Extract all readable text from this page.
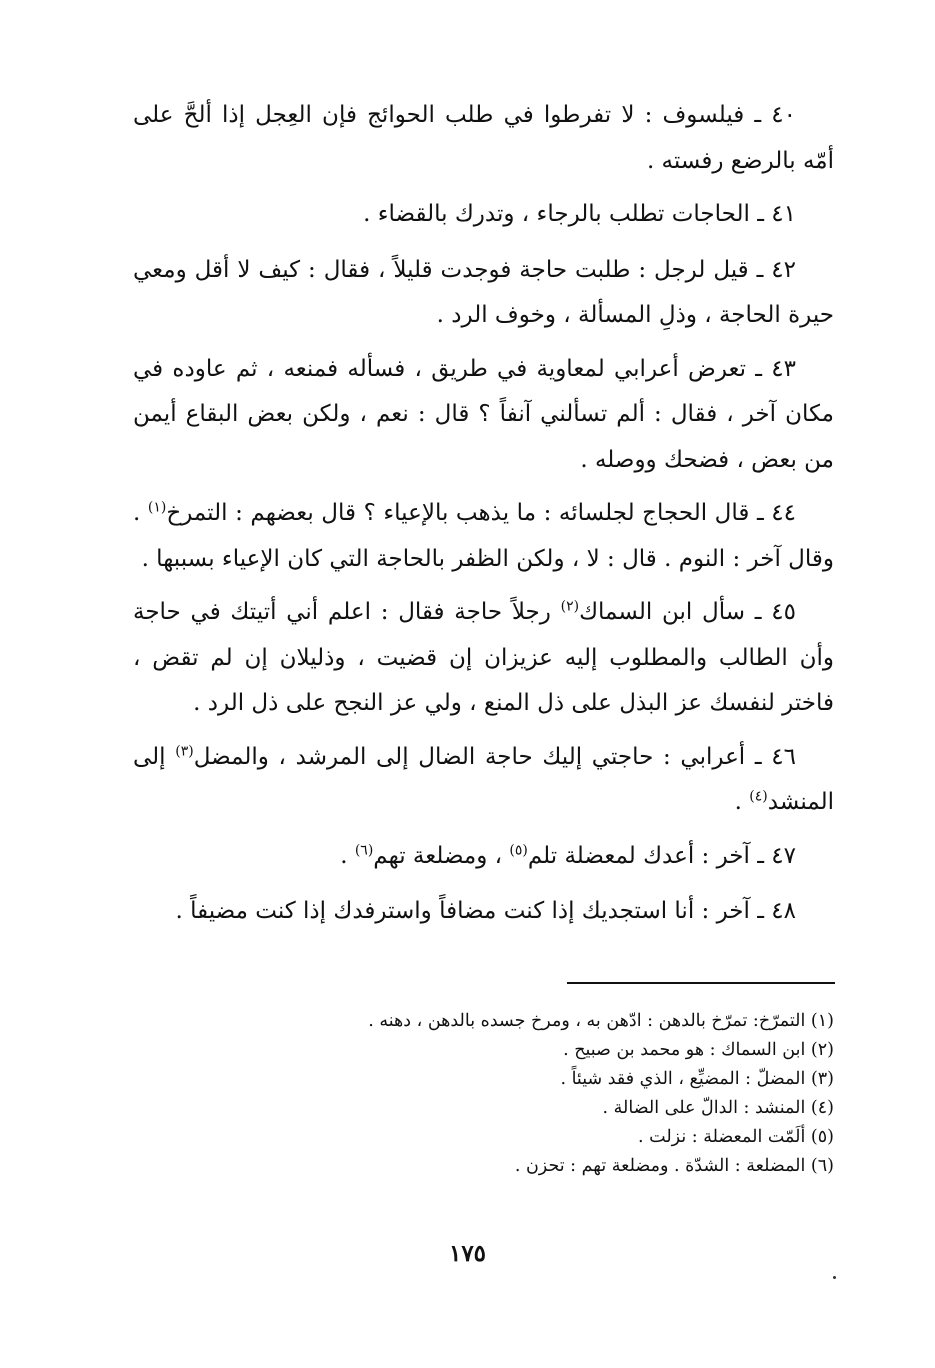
٤٠ ـ فيلسوف : لا تفرطوا في طلب الحوائج فإن العِجل إذا ألحَّ على أمّه بالرضع رفسته .

٤١ ـ الحاجات تطلب بالرجاء ، وتدرك بالقضاء .

٤٢ ـ قيل لرجل : طلبت حاجة فوجدت قليلاً ، فقال : كيف لا أقل ومعي حيرة الحاجة ، وذلِ المسألة ، وخوف الرد .

٤٣ ـ تعرض أعرابي لمعاوية في طريق ، فسأله فمنعه ، ثم عاوده في مكان آخر ، فقال : ألم تسألني آنفاً ؟ قال : نعم ، ولكن بعض البقاع أيمن من بعض ، فضحك ووصله .

٤٤ ـ قال الحجاج لجلسائه : ما يذهب بالإعياء ؟ قال بعضهم : التمرخ$^{(١)}$ . وقال آخر : النوم . قال : لا ، ولكن الظفر بالحاجة التي كان الإعياء بسببها .

٤٥ ـ سأل ابن السماك$^{(٢)}$ رجلاً حاجة فقال : اعلم أني أتيتك في حاجة وأن الطالب والمطلوب إليه عزيزان إن قضيت ، وذليلان إن لم تقض ، فاختر لنفسك عز البذل على ذل المنع ، ولي عز النجح على ذل الرد .

٤٦ ـ أعرابي : حاجتي إليك حاجة الضال إلى المرشد ، والمضل$^{(٣)}$ إلى المنشد$^{(٤)}$ .

٤٧ ـ آخر : أعدك لمعضلة تلم$^{(٥)}$ ، ومضلعة تهم$^{(٦)}$ .

٤٨ ـ آخر : أنا استجديك إذا كنت مضافاً واسترفدك إذا كنت مضيفاً .

(١) التمرّخ: تمرّخ بالدهن : ادّهن به ، ومرخ جسده بالدهن ، دهنه .

(٢) ابن السماك : هو محمد بن صبيح .

(٣) المضلّ : المضيِّع ، الذي فقد شيئاً .

(٤) المنشد : الدالّ على الضالة .

(٥) ألَمّت المعضلة : نزلت .

(٦) المضلعة : الشدّة . ومضلعة تهم : تحزن .

١٧٥
